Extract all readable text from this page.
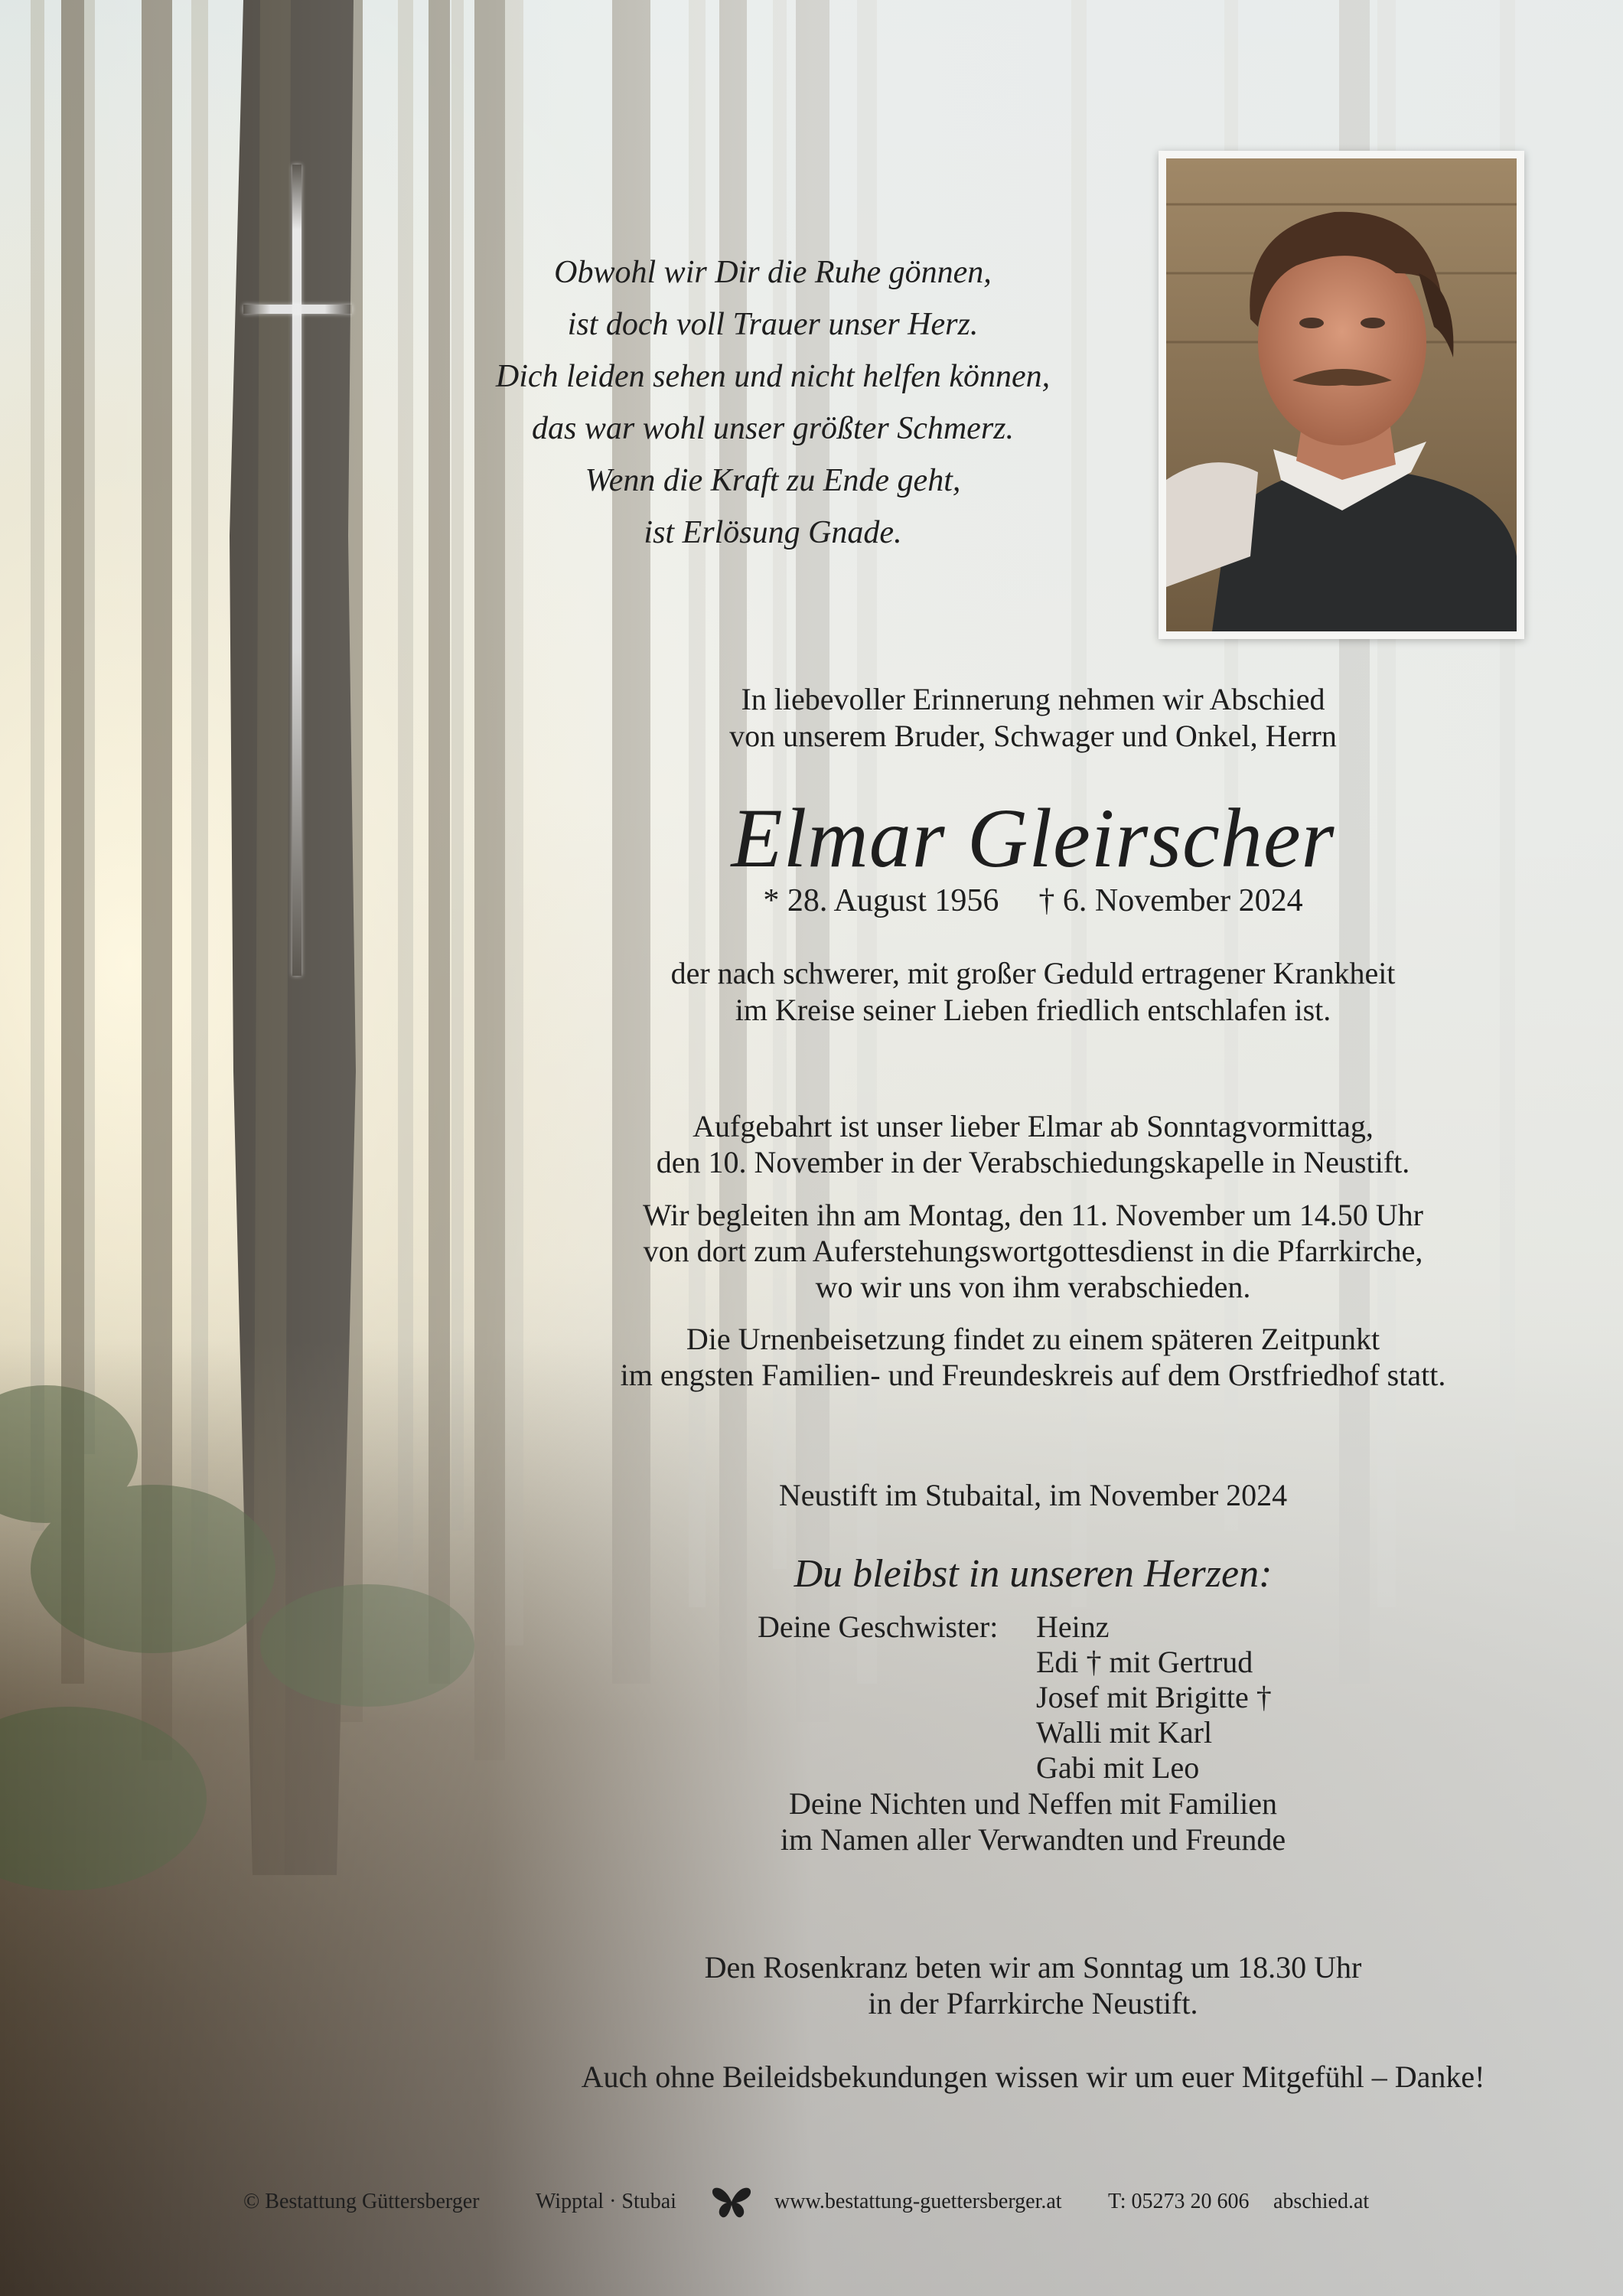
Obwohl wir Dir die Ruhe gönnen,
ist doch voll Trauer unser Herz.
Dich leiden sehen und nicht helfen können,
das war wohl unser größter Schmerz.
Wenn die Kraft zu Ende geht,
ist Erlösung Gnade.
In liebevoller Erinnerung nehmen wir Abschied
von unserem Bruder, Schwager und Onkel, Herrn
Elmar Gleirscher
* 28. August 1956 † 6. November 2024
der nach schwerer, mit großer Geduld ertragener Krankheit
im Kreise seiner Lieben friedlich entschlafen ist.
Aufgebahrt ist unser lieber Elmar ab Sonntagvormittag,
den 10. November in der Verabschiedungskapelle in Neustift.
Wir begleiten ihn am Montag, den 11. November um 14.50 Uhr
von dort zum Auferstehungswortgottesdienst in die Pfarrkirche,
wo wir uns von ihm verabschieden.
Die Urnenbeisetzung findet zu einem späteren Zeitpunkt
im engsten Familien- und Freundeskreis auf dem Orstfriedhof statt.
Neustift im Stubaital, im November 2024
Du bleibst in unseren Herzen:
Deine Geschwister: Heinz
Edi † mit Gertrud
Josef mit Brigitte †
Walli mit Karl
Gabi mit Leo
Deine Nichten und Neffen mit Familien
im Namen aller Verwandten und Freunde
Den Rosenkranz beten wir am Sonntag um 18.30 Uhr
in der Pfarrkirche Neustift.
Auch ohne Beileidsbekundungen wissen wir um euer Mitgefühl – Danke!
© Bestattung Güttersberger	Wipptal · Stubai	www.bestattung-guettersberger.at T: 05273 20 606 abschied.at
